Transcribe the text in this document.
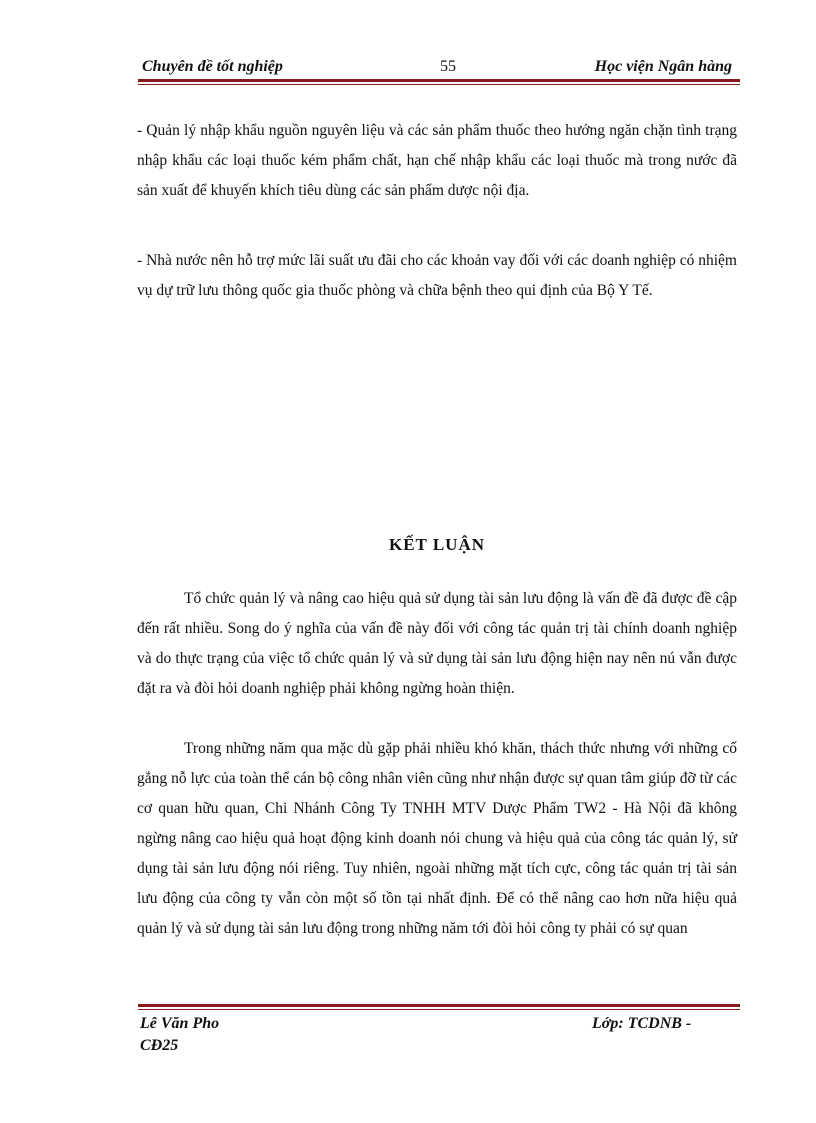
Chuyên đề tốt nghiệp	55	Học viện Ngân hàng

- Quản lý nhập khẩu nguồn nguyên liệu và các sản phẩm thuốc theo hướng ngăn chặn tình trạng nhập khẩu các loại thuốc kém phẩm chất, hạn chế nhập khẩu các loại thuốc mà trong nước đã sản xuất để khuyến khích tiêu dùng các sản phẩm dược nội địa.

- Nhà nước nên hỗ trợ mức lãi suất ưu đãi cho các khoản vay đối với các doanh nghiệp có nhiệm vụ dự trữ lưu thông quốc gia thuốc phòng và chữa bệnh theo qui định của Bộ Y Tế.

KẾT LUẬN

Tổ chức quản lý và nâng cao hiệu quả sử dụng tài sản lưu động là vấn đề đã được đề cập đến rất nhiều. Song do ý nghĩa của vấn đề này đối với công tác quản trị tài chính doanh nghiệp và do thực trạng của việc tổ chức quản lý và sử dụng tài sản lưu động hiện nay nên nú vẫn được đặt ra và đòi hỏi doanh nghiệp phải không ngừng hoàn thiện.

Trong những năm qua mặc dù gặp phải nhiều khó khăn, thách thức nhưng với những cố gắng nỗ lực của toàn thể cán bộ công nhân viên cũng như nhận được sự quan tâm giúp đỡ từ các cơ quan hữu quan, Chi Nhánh Công Ty TNHH MTV Dược Phẩm TW2 - Hà Nội đã không ngừng nâng cao hiệu quả hoạt động kinh doanh nói chung và hiệu quả của công tác quản lý, sử dụng tài sản lưu động nói riêng. Tuy nhiên, ngoài những mặt tích cực, công tác quản trị tài sản lưu động của công ty vẫn còn một số tồn tại nhất định. Để có thể nâng cao hơn nữa hiệu quả quản lý và sử dụng tài sản lưu động trong những năm tới đòi hỏi công ty phải có sự quan

Lê Văn Pho
CĐ25
Lớp: TCDNB -
